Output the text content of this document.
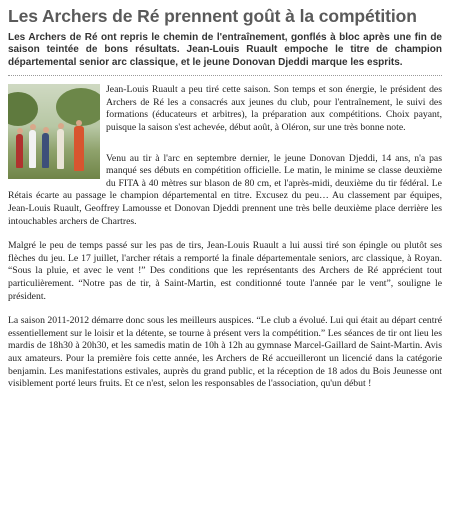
Les Archers de Ré prennent goût à la compétition

Les Archers de Ré ont repris le chemin de l'entraînement, gonflés à bloc après une fin de saison teintée de bons résultats. Jean-Louis Ruault empoche le titre de champion départemental senior arc classique, et le jeune Donovan Djeddi marque les esprits.

Jean-Louis Ruault a peu tiré cette saison. Son temps et son énergie, le président des Archers de Ré les a consacrés aux jeunes du club, pour l'entraînement, le suivi des formations (éducateurs et arbitres), la préparation aux compétitions. Choix payant, puisque la saison s'est achevée, début août, à Oléron, sur une très bonne note.

Venu au tir à l'arc en septembre dernier, le jeune Donovan Djeddi, 14 ans, n'a pas manqué ses débuts en compétition officielle. Le matin, le minime se classe deuxième du FITA à 40 mètres sur blason de 80 cm, et l'après-midi, deuxième du tir fédéral. Le Rétais écarte au passage le champion départemental en titre. Excusez du peu… Au classement par équipes, Jean-Louis Ruault, Geoffrey Lamousse et Donovan Djeddi prennent une très belle deuxième place derrière les intouchables archers de Chartres.

Malgré le peu de temps passé sur les pas de tirs, Jean-Louis Ruault a lui aussi tiré son épingle ou plutôt ses flèches du jeu. Le 17 juillet, l'archer rétais a remporté la finale départementale seniors, arc classique, à Royan. “Sous la pluie, et avec le vent !” Des conditions que les représentants des Archers de Ré apprécient tout particulièrement. “Notre pas de tir, à Saint-Martin, est conditionné toute l'année par le vent”, souligne le président.

La saison 2011-2012 démarre donc sous les meilleurs auspices. “Le club a évolué. Lui qui était au départ centré essentiellement sur le loisir et la détente, se tourne à présent vers la compétition.” Les séances de tir ont lieu les mardis de 18h30 à 20h30, et les samedis matin de 10h à 12h au gymnase Marcel-Gaillard de Saint-Martin. Avis aux amateurs. Pour la première fois cette année, les Archers de Ré accueilleront un licencié dans la catégorie benjamin. Les manifestations estivales, auprès du grand public, et la réception de 18 ados du Bois Jeunesse ont visiblement porté leurs fruits. Et ce n'est, selon les responsables de l'association, qu'un début !
